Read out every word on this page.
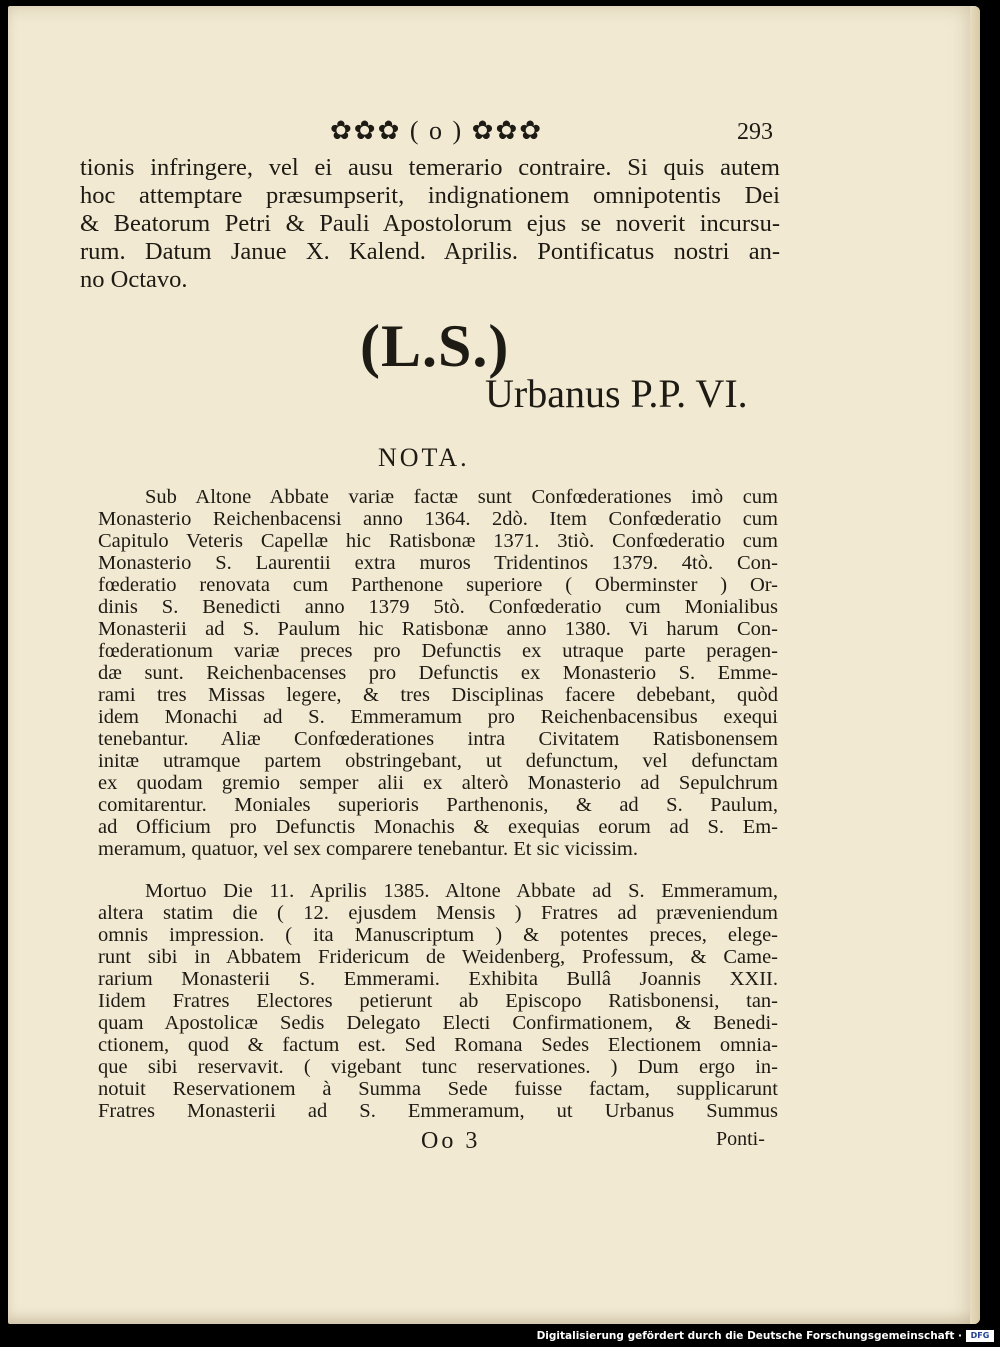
✿✿✿ ( o ) ✿✿✿	293
tionis infringere, vel ei ausu temerario contraire. Si quis autem
hoc attemptare præsumpserit, indignationem omnipotentis Dei
& Beatorum Petri & Pauli Apostolorum ejus se noverit incursu-
rum. Datum Janue X. Kalend. Aprilis. Pontificatus nostri an-
no Octavo.
(L.S.)
Urbanus P.P. VI.
NOTA.
Sub Altone Abbate variæ factæ sunt Confœderationes imò cum
Monasterio Reichenbacensi anno 1364. 2dò. Item Confœderatio cum
Capitulo Veteris Capellæ hic Ratisbonæ 1371. 3tiò. Confœderatio cum
Monasterio S. Laurentii extra muros Tridentinos 1379. 4tò. Con-
fœderatio renovata cum Parthenone superiore ( Oberminster ) Or-
dinis S. Benedicti anno 1379 5tò. Confœderatio cum Monialibus
Monasterii ad S. Paulum hic Ratisbonæ anno 1380. Vi harum Con-
fœderationum variæ preces pro Defunctis ex utraque parte peragen-
dæ sunt. Reichenbacenses pro Defunctis ex Monasterio S. Emme-
rami tres Missas legere, & tres Disciplinas facere debebant, quòd
idem Monachi ad S. Emmeramum pro Reichenbacensibus exequi
tenebantur. Aliæ Confœderationes intra Civitatem Ratisbonensem
initæ utramque partem obstringebant, ut defunctum, vel defunctam
ex quodam gremio semper alii ex alterò Monasterio ad Sepulchrum
comitarentur. Moniales superioris Parthenonis, & ad S. Paulum,
ad Officium pro Defunctis Monachis & exequias eorum ad S. Em-
meramum, quatuor, vel sex comparere tenebantur. Et sic vicissim.
Mortuo Die 11. Aprilis 1385. Altone Abbate ad S. Emmeramum,
altera statim die ( 12. ejusdem Mensis ) Fratres ad præveniendum
omnis impression. ( ita Manuscriptum ) & potentes preces, elege-
runt sibi in Abbatem Fridericum de Weidenberg, Professum, & Came-
rarium Monasterii S. Emmerami. Exhibita Bullâ Joannis XXII.
Iidem Fratres Electores petierunt ab Episcopo Ratisbonensi, tan-
quam Apostolicæ Sedis Delegato Electi Confirmationem, & Benedi-
ctionem, quod & factum est. Sed Romana Sedes Electionem omnia-
que sibi reservavit. ( vigebant tunc reservationes. ) Dum ergo in-
notuit Reservationem à Summa Sede fuisse factam, supplicarunt
Fratres Monasterii ad S. Emmeramum, ut Urbanus Summus
Oo 3	Ponti-
Digitalisierung gefördert durch die Deutsche Forschungsgemeinschaft ·	DFG
